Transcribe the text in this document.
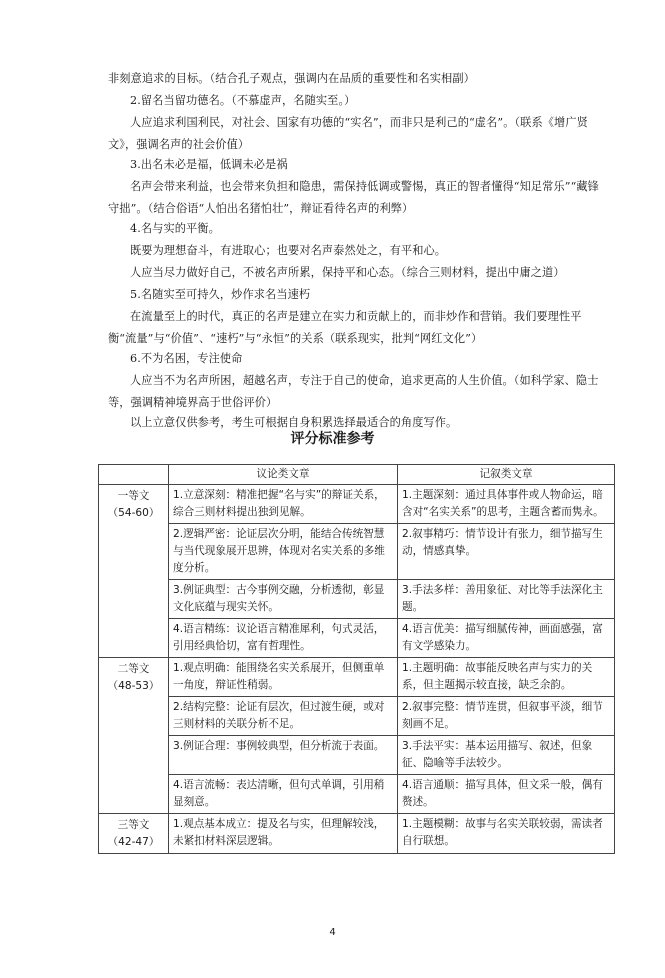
非刻意追求的目标。（结合孔子观点，强调内在品质的重要性和名实相副）
2.留名当留功德名。（不慕虚声，名随实至。）
人应追求利国利民，对社会、国家有功德的“实名”，而非只是利己的“虚名”。（联系《增广贤文》，强调名声的社会价值）
3.出名未必是福，低调未必是祸
名声会带来利益，也会带来负担和隐患，需保持低调或警惕，真正的智者懂得“知足常乐”“藏锋守拙”。（结合俗语“人怕出名猪怕壮”，辩证看待名声的利弊）
4.名与实的平衡。
既要为理想奋斗，有进取心；也要对名声泰然处之，有平和心。
人应当尽力做好自己，不被名声所累，保持平和心态。（综合三则材料，提出中庸之道）
5.名随实至可持久，炒作求名当速朽
在流量至上的时代，真正的名声是建立在实力和贡献上的，而非炒作和营销。我们要理性平衡“流量”与“价值”、“速朽”与“永恒”的关系（联系现实，批判“网红文化”）
6.不为名困，专注使命
人应当不为名声所困，超越名声，专注于自己的使命，追求更高的人生价值。（如科学家、隐士等，强调精神境界高于世俗评价）
以上立意仅供参考，考生可根据自身积累选择最适合的角度写作。
评分标准参考
	议论类文章	记叙类文章

一等文
（54-60）	1.立意深刻：精准把握“名与实”的辩证关系，综合三则材料提出独到见解。	1.主题深刻：通过具体事件或人物命运，暗含对“名实关系”的思考，主题含蓄而隽永。
	2.逻辑严密：论证层次分明，能结合传统智慧与当代现象展开思辨，体现对名实关系的多维度分析。	2.叙事精巧：情节设计有张力，细节描写生动，情感真挚。
	3.例证典型：古今事例交融，分析透彻，彰显文化底蕴与现实关怀。	3.手法多样：善用象征、对比等手法深化主题。
	4.语言精练：议论语言精准犀利，句式灵活，引用经典恰切，富有哲理性。	4.语言优美：描写细腻传神，画面感强，富有文学感染力。

二等文
（48-53）	1.观点明确：能围绕名实关系展开，但侧重单一角度，辩证性稍弱。	1.主题明确：故事能反映名声与实力的关系，但主题揭示较直接，缺乏余韵。
	2.结构完整：论证有层次，但过渡生硬，或对三则材料的关联分析不足。	2.叙事完整：情节连贯，但叙事平淡，细节刻画不足。
	3.例证合理：事例较典型，但分析流于表面。	3.手法平实：基本运用描写、叙述，但象征、隐喻等手法较少。
	4.语言流畅：表达清晰，但句式单调，引用稍显刻意。	4.语言通顺：描写具体，但文采一般，偶有赘述。

三等文
（42-47）	1.观点基本成立：提及名与实，但理解较浅，未紧扣材料深层逻辑。	1.主题模糊：故事与名实关联较弱，需读者自行联想。
4
